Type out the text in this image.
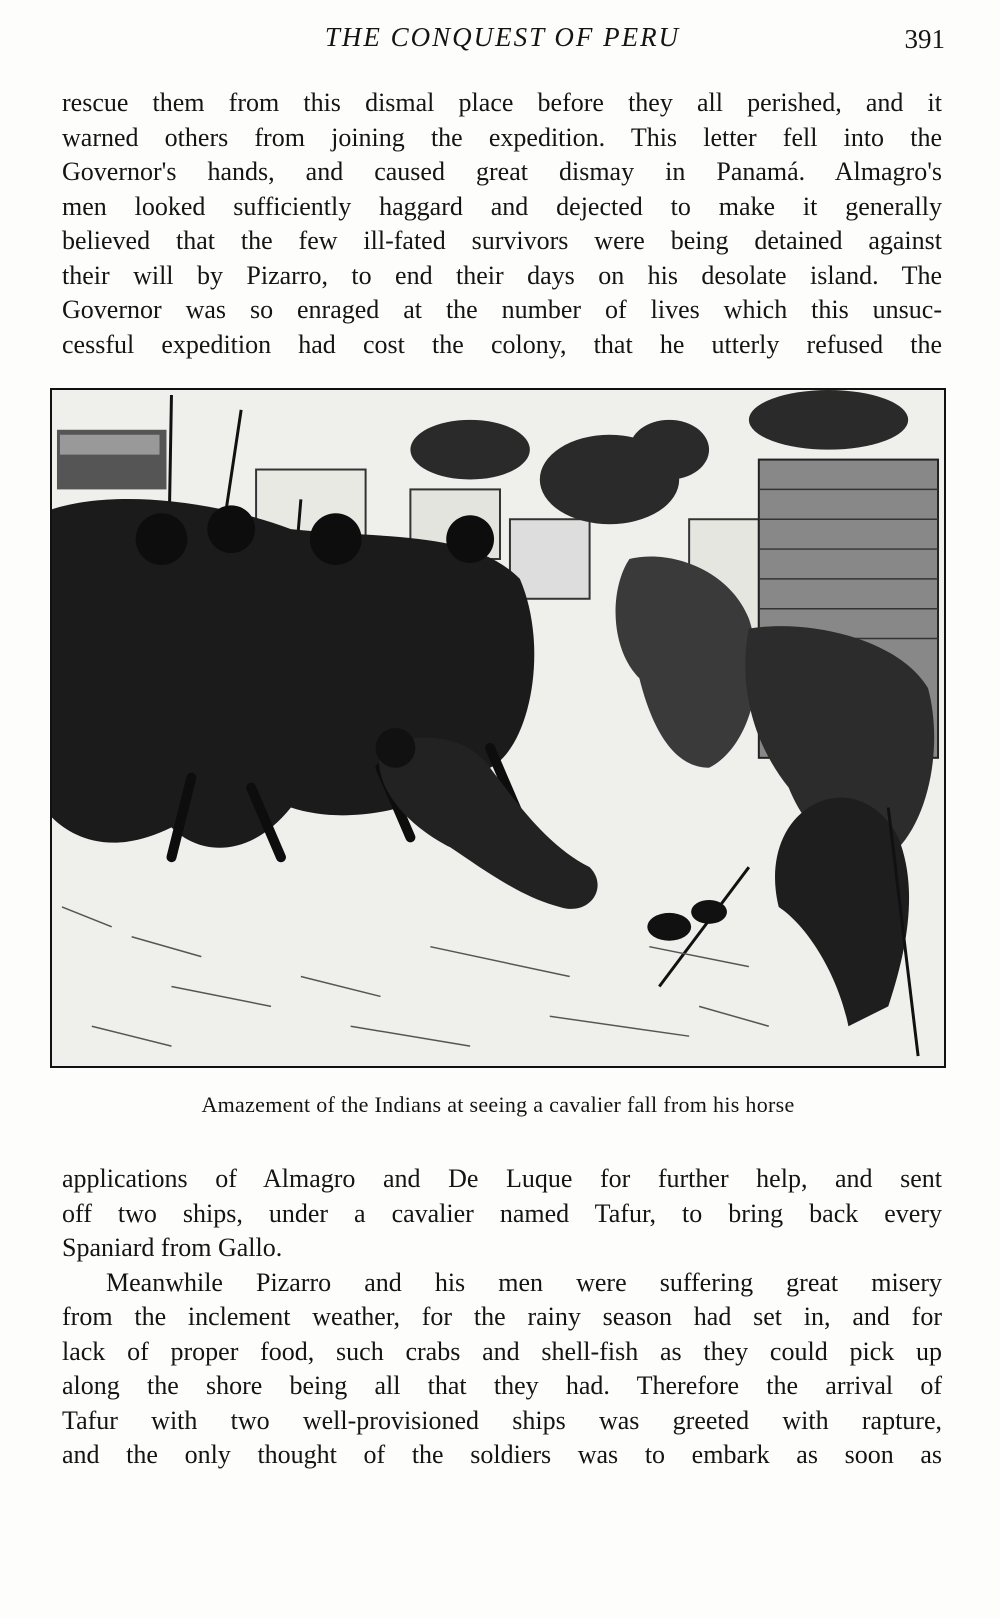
THE CONQUEST OF PERU	391

rescue them from this dismal place before they all perished, and it
warned others from joining the expedition. This letter fell into the
Governor's hands, and caused great dismay in Panamá. Almagro's
men looked sufficiently haggard and dejected to make it generally
believed that the few ill-fated survivors were being detained against
their will by Pizarro, to end their days on his desolate island. The
Governor was so enraged at the number of lives which this unsuc-
cessful expedition had cost the colony, that he utterly refused the

Amazement of the Indians at seeing a cavalier fall from his horse

applications of Almagro and De Luque for further help, and sent
off two ships, under a cavalier named Tafur, to bring back every
Spaniard from Gallo.

Meanwhile Pizarro and his men were suffering great misery
from the inclement weather, for the rainy season had set in, and for
lack of proper food, such crabs and shell-fish as they could pick up
along the shore being all that they had. Therefore the arrival of
Tafur with two well-provisioned ships was greeted with rapture,
and the only thought of the soldiers was to embark as soon as
